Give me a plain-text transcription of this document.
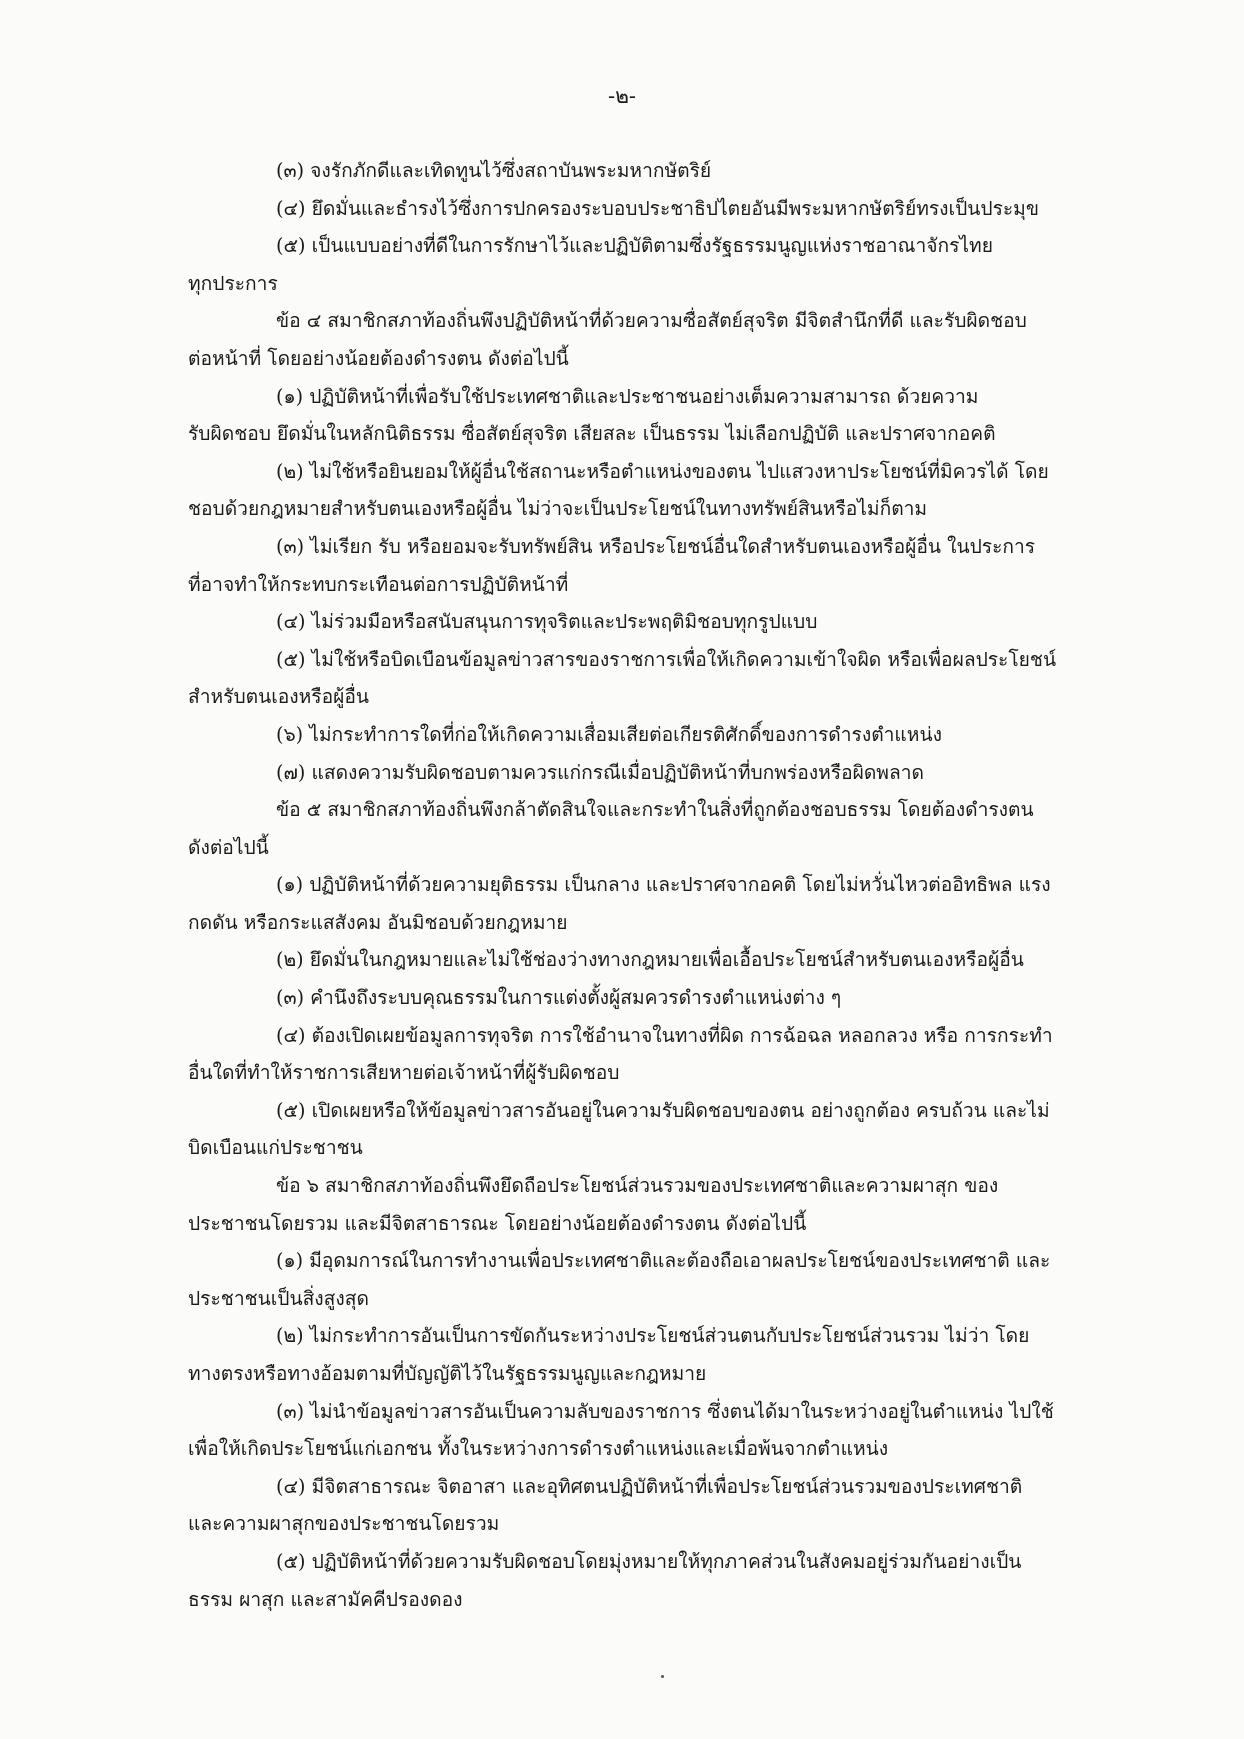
-๒-
(๓) จงรักภักดีและเทิดทูนไว้ซึ่งสถาบันพระมหากษัตริย์
(๔) ยึดมั่นและธำรงไว้ซึ่งการปกครองระบอบประชาธิปไตยอันมีพระมหากษัตริย์ทรงเป็นประมุข
(๕) เป็นแบบอย่างที่ดีในการรักษาไว้และปฏิบัติตามซึ่งรัฐธรรมนูญแห่งราชอาณาจักรไทย
ทุกประการ
ข้อ ๔ สมาชิกสภาท้องถิ่นพึงปฏิบัติหน้าที่ด้วยความซื่อสัตย์สุจริต มีจิตสำนึกที่ดี และรับผิดชอบ
ต่อหน้าที่ โดยอย่างน้อยต้องดำรงตน ดังต่อไปนี้
(๑) ปฏิบัติหน้าที่เพื่อรับใช้ประเทศชาติและประชาชนอย่างเต็มความสามารถ ด้วยความ
รับผิดชอบ ยึดมั่นในหลักนิติธรรม ซื่อสัตย์สุจริต เสียสละ เป็นธรรม ไม่เลือกปฏิบัติ และปราศจากอคติ
(๒) ไม่ใช้หรือยินยอมให้ผู้อื่นใช้สถานะหรือตำแหน่งของตน ไปแสวงหาประโยชน์ที่มิควรได้ โดย
ชอบด้วยกฎหมายสำหรับตนเองหรือผู้อื่น ไม่ว่าจะเป็นประโยชน์ในทางทรัพย์สินหรือไม่ก็ตาม
(๓) ไม่เรียก รับ หรือยอมจะรับทรัพย์สิน หรือประโยชน์อื่นใดสำหรับตนเองหรือผู้อื่น ในประการ
ที่อาจทำให้กระทบกระเทือนต่อการปฏิบัติหน้าที่
(๔) ไม่ร่วมมือหรือสนับสนุนการทุจริตและประพฤติมิชอบทุกรูปแบบ
(๕) ไม่ใช้หรือบิดเบือนข้อมูลข่าวสารของราชการเพื่อให้เกิดความเข้าใจผิด หรือเพื่อผลประโยชน์
สำหรับตนเองหรือผู้อื่น
(๖) ไม่กระทำการใดที่ก่อให้เกิดความเสื่อมเสียต่อเกียรติศักดิ์ของการดำรงตำแหน่ง
(๗) แสดงความรับผิดชอบตามควรแก่กรณีเมื่อปฏิบัติหน้าที่บกพร่องหรือผิดพลาด
ข้อ ๕ สมาชิกสภาท้องถิ่นพึงกล้าตัดสินใจและกระทำในสิ่งที่ถูกต้องชอบธรรม โดยต้องดำรงตน
ดังต่อไปนี้
(๑) ปฏิบัติหน้าที่ด้วยความยุติธรรม เป็นกลาง และปราศจากอคติ โดยไม่หวั่นไหวต่ออิทธิพล แรง
กดดัน หรือกระแสสังคม อันมิชอบด้วยกฎหมาย
(๒) ยึดมั่นในกฎหมายและไม่ใช้ช่องว่างทางกฎหมายเพื่อเอื้อประโยชน์สำหรับตนเองหรือผู้อื่น
(๓) คำนึงถึงระบบคุณธรรมในการแต่งตั้งผู้สมควรดำรงตำแหน่งต่าง ๆ
(๔) ต้องเปิดเผยข้อมูลการทุจริต การใช้อำนาจในทางที่ผิด การฉ้อฉล หลอกลวง หรือ การกระทำ
อื่นใดที่ทำให้ราชการเสียหายต่อเจ้าหน้าที่ผู้รับผิดชอบ
(๕) เปิดเผยหรือให้ข้อมูลข่าวสารอันอยู่ในความรับผิดชอบของตน อย่างถูกต้อง ครบถ้วน และไม่
บิดเบือนแก่ประชาชน
ข้อ ๖ สมาชิกสภาท้องถิ่นพึงยึดถือประโยชน์ส่วนรวมของประเทศชาติและความผาสุก ของ
ประชาชนโดยรวม และมีจิตสาธารณะ โดยอย่างน้อยต้องดำรงตน ดังต่อไปนี้
(๑) มีอุดมการณ์ในการทำงานเพื่อประเทศชาติและต้องถือเอาผลประโยชน์ของประเทศชาติ และ
ประชาชนเป็นสิ่งสูงสุด
(๒) ไม่กระทำการอันเป็นการขัดกันระหว่างประโยชน์ส่วนตนกับประโยชน์ส่วนรวม ไม่ว่า โดย
ทางตรงหรือทางอ้อมตามที่บัญญัติไว้ในรัฐธรรมนูญและกฎหมาย
(๓) ไม่นำข้อมูลข่าวสารอันเป็นความลับของราชการ ซึ่งตนได้มาในระหว่างอยู่ในตำแหน่ง ไปใช้
เพื่อให้เกิดประโยชน์แก่เอกชน ทั้งในระหว่างการดำรงตำแหน่งและเมื่อพ้นจากตำแหน่ง
(๔) มีจิตสาธารณะ จิตอาสา และอุทิศตนปฏิบัติหน้าที่เพื่อประโยชน์ส่วนรวมของประเทศชาติ
และความผาสุกของประชาชนโดยรวม
(๕) ปฏิบัติหน้าที่ด้วยความรับผิดชอบโดยมุ่งหมายให้ทุกภาคส่วนในสังคมอยู่ร่วมกันอย่างเป็น
ธรรม ผาสุก และสามัคคีปรองดอง
